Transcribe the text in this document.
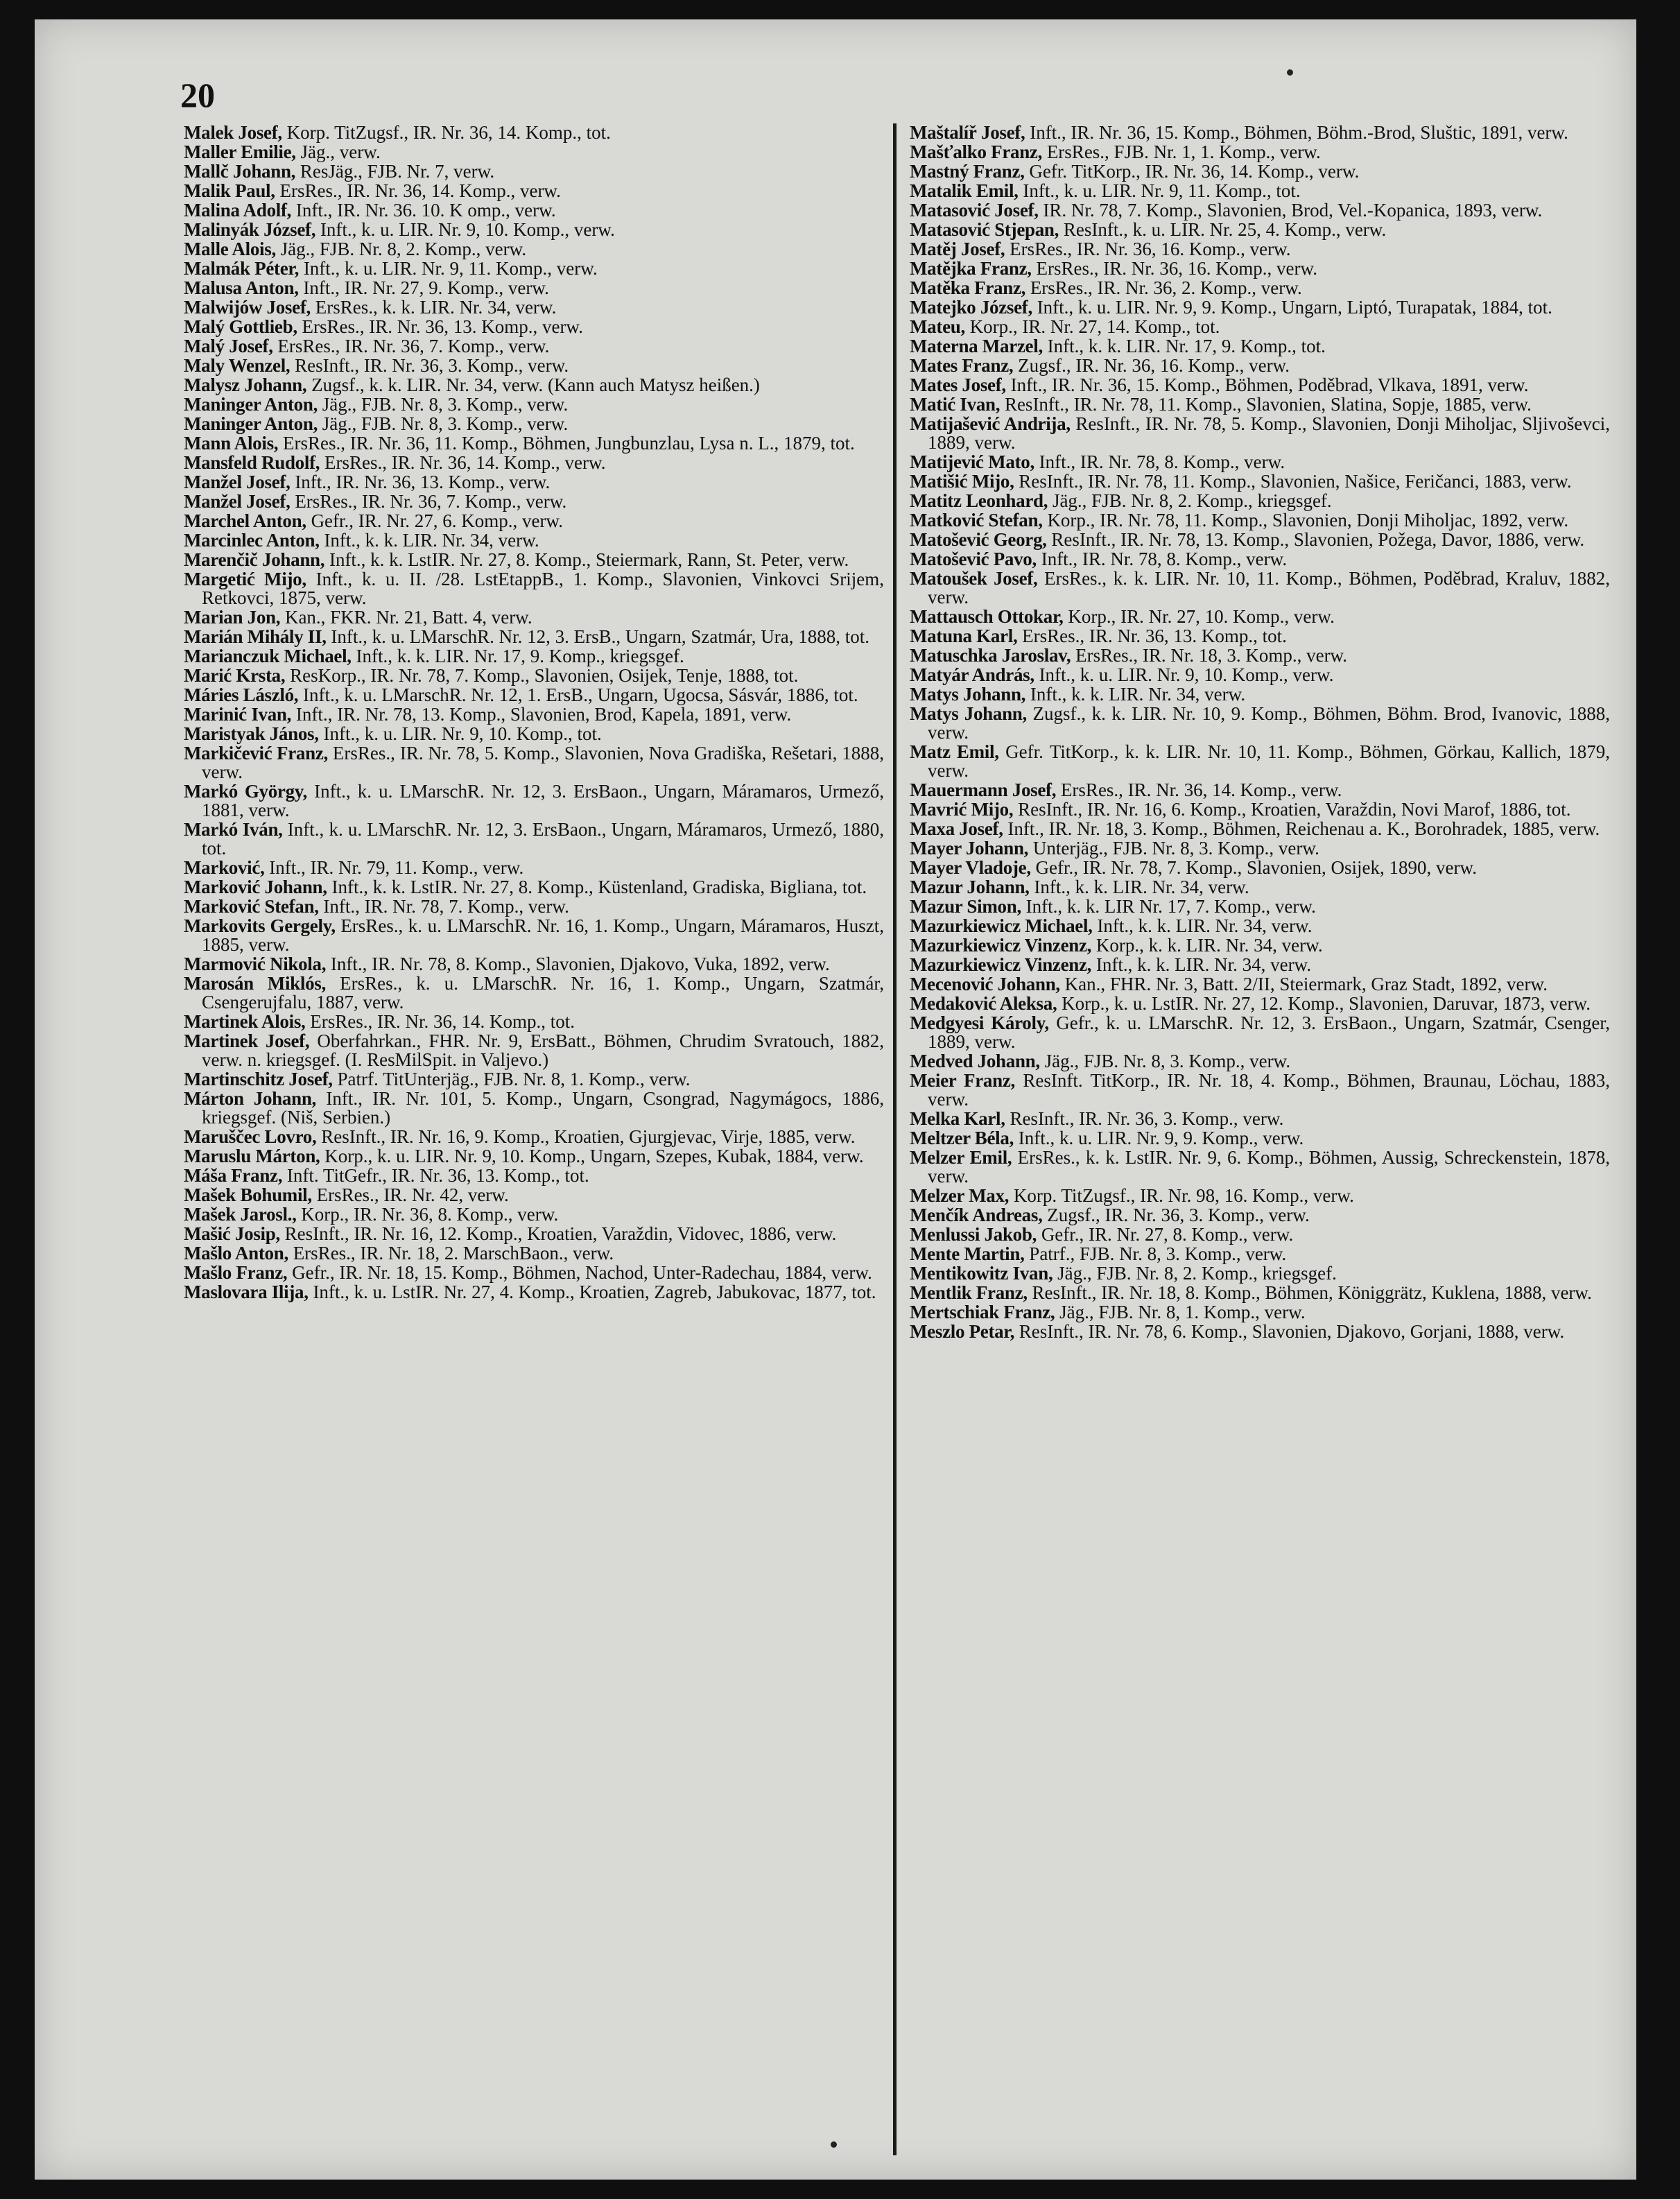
20

Malek Josef, Korp. TitZugsf., IR. Nr. 36, 14. Komp., tot.

Maller Emilie, Jäg., verw.

Mallč Johann, ResJäg., FJB. Nr. 7, verw.

Malik Paul, ErsRes., IR. Nr. 36, 14. Komp., verw.

Malina Adolf, Inft., IR. Nr. 36. 10. K omp., verw.

Malinyák József, Inft., k. u. LIR. Nr. 9, 10. Komp., verw.

Malle Alois, Jäg., FJB. Nr. 8, 2. Komp., verw.

Malmák Péter, Inft., k. u. LIR. Nr. 9, 11. Komp., verw.

Malusa Anton, Inft., IR. Nr. 27, 9. Komp., verw.

Malwijów Josef, ErsRes., k. k. LIR. Nr. 34, verw.

Malý Gottlieb, ErsRes., IR. Nr. 36, 13. Komp., verw.

Malý Josef, ErsRes., IR. Nr. 36, 7. Komp., verw.

Maly Wenzel, ResInft., IR. Nr. 36, 3. Komp., verw.

Malysz Johann, Zugsf., k. k. LIR. Nr. 34, verw. (Kann auch Matysz heißen.)

Maninger Anton, Jäg., FJB. Nr. 8, 3. Komp., verw.

Maninger Anton, Jäg., FJB. Nr. 8, 3. Komp., verw.

Mann Alois, ErsRes., IR. Nr. 36, 11. Komp., Böhmen, Jungbunzlau, Lysa n. L., 1879, tot.

Mansfeld Rudolf, ErsRes., IR. Nr. 36, 14. Komp., verw.

Manžel Josef, Inft., IR. Nr. 36, 13. Komp., verw.

Manžel Josef, ErsRes., IR. Nr. 36, 7. Komp., verw.

Marchel Anton, Gefr., IR. Nr. 27, 6. Komp., verw.

Marcinlec Anton, Inft., k. k. LIR. Nr. 34, verw.

Marenčič Johann, Inft., k. k. LstIR. Nr. 27, 8. Komp., Steiermark, Rann, St. Peter, verw.

Margetić Mijo, Inft., k. u. II. /28. LstEtappB., 1. Komp., Slavonien, Vinkovci Srijem, Retkovci, 1875, verw.

Marian Jon, Kan., FKR. Nr. 21, Batt. 4, verw.

Marián Mihály II, Inft., k. u. LMarschR. Nr. 12, 3. ErsB., Ungarn, Szatmár, Ura, 1888, tot.

Marianczuk Michael, Inft., k. k. LIR. Nr. 17, 9. Komp., kriegsgef.

Marić Krsta, ResKorp., IR. Nr. 78, 7. Komp., Slavonien, Osijek, Tenje, 1888, tot.

Máries László, Inft., k. u. LMarschR. Nr. 12, 1. ErsB., Ungarn, Ugocsa, Sásvár, 1886, tot.

Marinić Ivan, Inft., IR. Nr. 78, 13. Komp., Slavonien, Brod, Kapela, 1891, verw.

Maristyak János, Inft., k. u. LIR. Nr. 9, 10. Komp., tot.

Markičević Franz, ErsRes., IR. Nr. 78, 5. Komp., Slavonien, Nova Gradiška, Rešetari, 1888, verw.

Markó György, Inft., k. u. LMarschR. Nr. 12, 3. ErsBaon., Ungarn, Máramaros, Urmező, 1881, verw.

Markó Iván, Inft., k. u. LMarschR. Nr. 12, 3. ErsBaon., Ungarn, Máramaros, Urmező, 1880, tot.

Marković, Inft., IR. Nr. 79, 11. Komp., verw.

Marković Johann, Inft., k. k. LstIR. Nr. 27, 8. Komp., Küstenland, Gradiska, Bigliana, tot.

Marković Stefan, Inft., IR. Nr. 78, 7. Komp., verw.

Markovits Gergely, ErsRes., k. u. LMarschR. Nr. 16, 1. Komp., Ungarn, Máramaros, Huszt, 1885, verw.

Marmović Nikola, Inft., IR. Nr. 78, 8. Komp., Slavonien, Djakovo, Vuka, 1892, verw.

Marosán Miklós, ErsRes., k. u. LMarschR. Nr. 16, 1. Komp., Ungarn, Szatmár, Csengerujfalu, 1887, verw.

Martinek Alois, ErsRes., IR. Nr. 36, 14. Komp., tot.

Martinek Josef, Oberfahrkan., FHR. Nr. 9, ErsBatt., Böhmen, Chrudim Svratouch, 1882, verw. n. kriegsgef. (I. ResMilSpit. in Valjevo.)

Martinschitz Josef, Patrf. TitUnterjäg., FJB. Nr. 8, 1. Komp., verw.

Márton Johann, Inft., IR. Nr. 101, 5. Komp., Ungarn, Csongrad, Nagymágocs, 1886, kriegsgef. (Niš, Serbien.)

Maruščec Lovro, ResInft., IR. Nr. 16, 9. Komp., Kroatien, Gjurgjevac, Virje, 1885, verw.

Maruslu Márton, Korp., k. u. LIR. Nr. 9, 10. Komp., Ungarn, Szepes, Kubak, 1884, verw.

Máša Franz, Inft. TitGefr., IR. Nr. 36, 13. Komp., tot.

Mašek Bohumil, ErsRes., IR. Nr. 42, verw.

Mašek Jarosl., Korp., IR. Nr. 36, 8. Komp., verw.

Mašić Josip, ResInft., IR. Nr. 16, 12. Komp., Kroatien, Varaždin, Vidovec, 1886, verw.

Mašlo Anton, ErsRes., IR. Nr. 18, 2. MarschBaon., verw.

Mašlo Franz, Gefr., IR. Nr. 18, 15. Komp., Böhmen, Nachod, Unter-Radechau, 1884, verw.

Maslovara Ilija, Inft., k. u. LstIR. Nr. 27, 4. Komp., Kroatien, Zagreb, Jabukovac, 1877, tot.

Maštalíř Josef, Inft., IR. Nr. 36, 15. Komp., Böhmen, Böhm.-Brod, Sluštic, 1891, verw.

Mašťalko Franz, ErsRes., FJB. Nr. 1, 1. Komp., verw.

Mastný Franz, Gefr. TitKorp., IR. Nr. 36, 14. Komp., verw.

Matalik Emil, Inft., k. u. LIR. Nr. 9, 11. Komp., tot.

Matasović Josef, IR. Nr. 78, 7. Komp., Slavonien, Brod, Vel.-Kopanica, 1893, verw.

Matasović Stjepan, ResInft., k. u. LIR. Nr. 25, 4. Komp., verw.

Matěj Josef, ErsRes., IR. Nr. 36, 16. Komp., verw.

Matějka Franz, ErsRes., IR. Nr. 36, 16. Komp., verw.

Matěka Franz, ErsRes., IR. Nr. 36, 2. Komp., verw.

Matejko József, Inft., k. u. LIR. Nr. 9, 9. Komp., Ungarn, Liptó, Turapatak, 1884, tot.

Mateu, Korp., IR. Nr. 27, 14. Komp., tot.

Materna Marzel, Inft., k. k. LIR. Nr. 17, 9. Komp., tot.

Mates Franz, Zugsf., IR. Nr. 36, 16. Komp., verw.

Mates Josef, Inft., IR. Nr. 36, 15. Komp., Böhmen, Poděbrad, Vlkava, 1891, verw.

Matić Ivan, ResInft., IR. Nr. 78, 11. Komp., Slavonien, Slatina, Sopje, 1885, verw.

Matijašević Andrija, ResInft., IR. Nr. 78, 5. Komp., Slavonien, Donji Miholjac, Sljivoševci, 1889, verw.

Matijević Mato, Inft., IR. Nr. 78, 8. Komp., verw.

Matišić Mijo, ResInft., IR. Nr. 78, 11. Komp., Slavonien, Našice, Feričanci, 1883, verw.

Matitz Leonhard, Jäg., FJB. Nr. 8, 2. Komp., kriegsgef.

Matković Stefan, Korp., IR. Nr. 78, 11. Komp., Slavonien, Donji Miholjac, 1892, verw.

Matošević Georg, ResInft., IR. Nr. 78, 13. Komp., Slavonien, Požega, Davor, 1886, verw.

Matošević Pavo, Inft., IR. Nr. 78, 8. Komp., verw.

Matoušek Josef, ErsRes., k. k. LIR. Nr. 10, 11. Komp., Böhmen, Poděbrad, Kraluv, 1882, verw.

Mattausch Ottokar, Korp., IR. Nr. 27, 10. Komp., verw.

Matuna Karl, ErsRes., IR. Nr. 36, 13. Komp., tot.

Matuschka Jaroslav, ErsRes., IR. Nr. 18, 3. Komp., verw.

Matyár András, Inft., k. u. LIR. Nr. 9, 10. Komp., verw.

Matys Johann, Inft., k. k. LIR. Nr. 34, verw.

Matys Johann, Zugsf., k. k. LIR. Nr. 10, 9. Komp., Böhmen, Böhm. Brod, Ivanovic, 1888, verw.

Matz Emil, Gefr. TitKorp., k. k. LIR. Nr. 10, 11. Komp., Böhmen, Görkau, Kallich, 1879, verw.

Mauermann Josef, ErsRes., IR. Nr. 36, 14. Komp., verw.

Mavrić Mijo, ResInft., IR. Nr. 16, 6. Komp., Kroatien, Varaždin, Novi Marof, 1886, tot.

Maxa Josef, Inft., IR. Nr. 18, 3. Komp., Böhmen, Reichenau a. K., Borohradek, 1885, verw.

Mayer Johann, Unterjäg., FJB. Nr. 8, 3. Komp., verw.

Mayer Vladoje, Gefr., IR. Nr. 78, 7. Komp., Slavonien, Osijek, 1890, verw.

Mazur Johann, Inft., k. k. LIR. Nr. 34, verw.

Mazur Simon, Inft., k. k. LIR Nr. 17, 7. Komp., verw.

Mazurkiewicz Michael, Inft., k. k. LIR. Nr. 34, verw.

Mazurkiewicz Vinzenz, Korp., k. k. LIR. Nr. 34, verw.

Mazurkiewicz Vinzenz, Inft., k. k. LIR. Nr. 34, verw.

Mecenović Johann, Kan., FHR. Nr. 3, Batt. 2/II, Steiermark, Graz Stadt, 1892, verw.

Medaković Aleksa, Korp., k. u. LstIR. Nr. 27, 12. Komp., Slavonien, Daruvar, 1873, verw.

Medgyesi Károly, Gefr., k. u. LMarschR. Nr. 12, 3. ErsBaon., Ungarn, Szatmár, Csenger, 1889, verw.

Medved Johann, Jäg., FJB. Nr. 8, 3. Komp., verw.

Meier Franz, ResInft. TitKorp., IR. Nr. 18, 4. Komp., Böhmen, Braunau, Löchau, 1883, verw.

Melka Karl, ResInft., IR. Nr. 36, 3. Komp., verw.

Meltzer Béla, Inft., k. u. LIR. Nr. 9, 9. Komp., verw.

Melzer Emil, ErsRes., k. k. LstIR. Nr. 9, 6. Komp., Böhmen, Aussig, Schreckenstein, 1878, verw.

Melzer Max, Korp. TitZugsf., IR. Nr. 98, 16. Komp., verw.

Menčík Andreas, Zugsf., IR. Nr. 36, 3. Komp., verw.

Menlussi Jakob, Gefr., IR. Nr. 27, 8. Komp., verw.

Mente Martin, Patrf., FJB. Nr. 8, 3. Komp., verw.

Mentikowitz Ivan, Jäg., FJB. Nr. 8, 2. Komp., kriegsgef.

Mentlik Franz, ResInft., IR. Nr. 18, 8. Komp., Böhmen, Königgrätz, Kuklena, 1888, verw.

Mertschiak Franz, Jäg., FJB. Nr. 8, 1. Komp., verw.

Meszlo Petar, ResInft., IR. Nr. 78, 6. Komp., Slavonien, Djakovo, Gorjani, 1888, verw.
